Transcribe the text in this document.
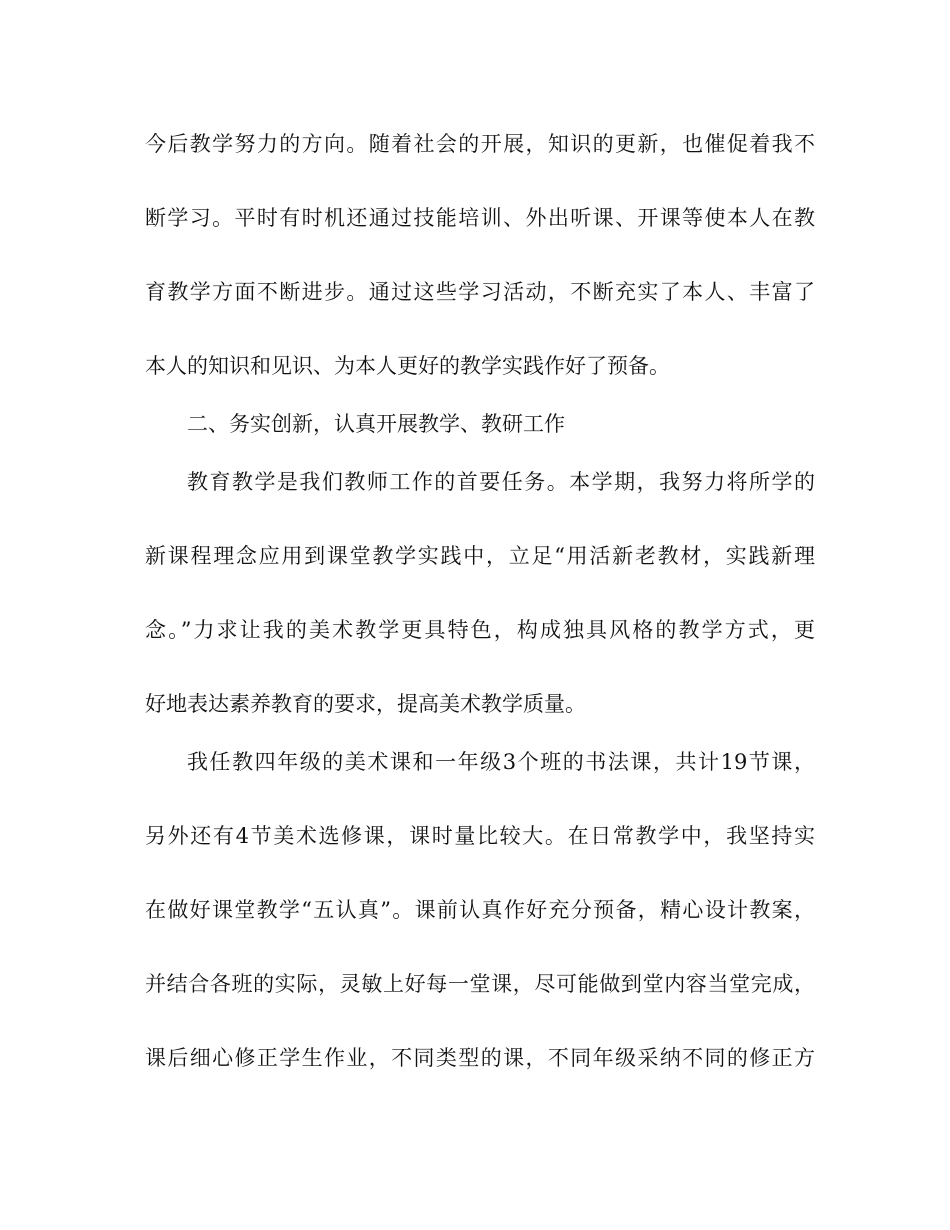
今后教学努力的方向。随着社会的开展，知识的更新，也催促着我不
断学习。平时有时机还通过技能培训、外出听课、开课等使本人在教
育教学方面不断进步。通过这些学习活动，不断充实了本人、丰富了
本人的知识和见识、为本人更好的教学实践作好了预备。
二、务实创新，认真开展教学、教研工作
教育教学是我们教师工作的首要任务。本学期，我努力将所学的
新课程理念应用到课堂教学实践中，立足“用活新老教材，实践新理
念。”力求让我的美术教学更具特色，构成独具风格的教学方式，更
好地表达素养教育的要求，提高美术教学质量。
我任教四年级的美术课和一年级3个班的书法课，共计19节课，
另外还有4节美术选修课，课时量比较大。在日常教学中，我坚持实
在做好课堂教学“五认真”。课前认真作好充分预备，精心设计教案，
并结合各班的实际，灵敏上好每一堂课，尽可能做到堂内容当堂完成，
课后细心修正学生作业，不同类型的课，不同年级采纳不同的修正方
